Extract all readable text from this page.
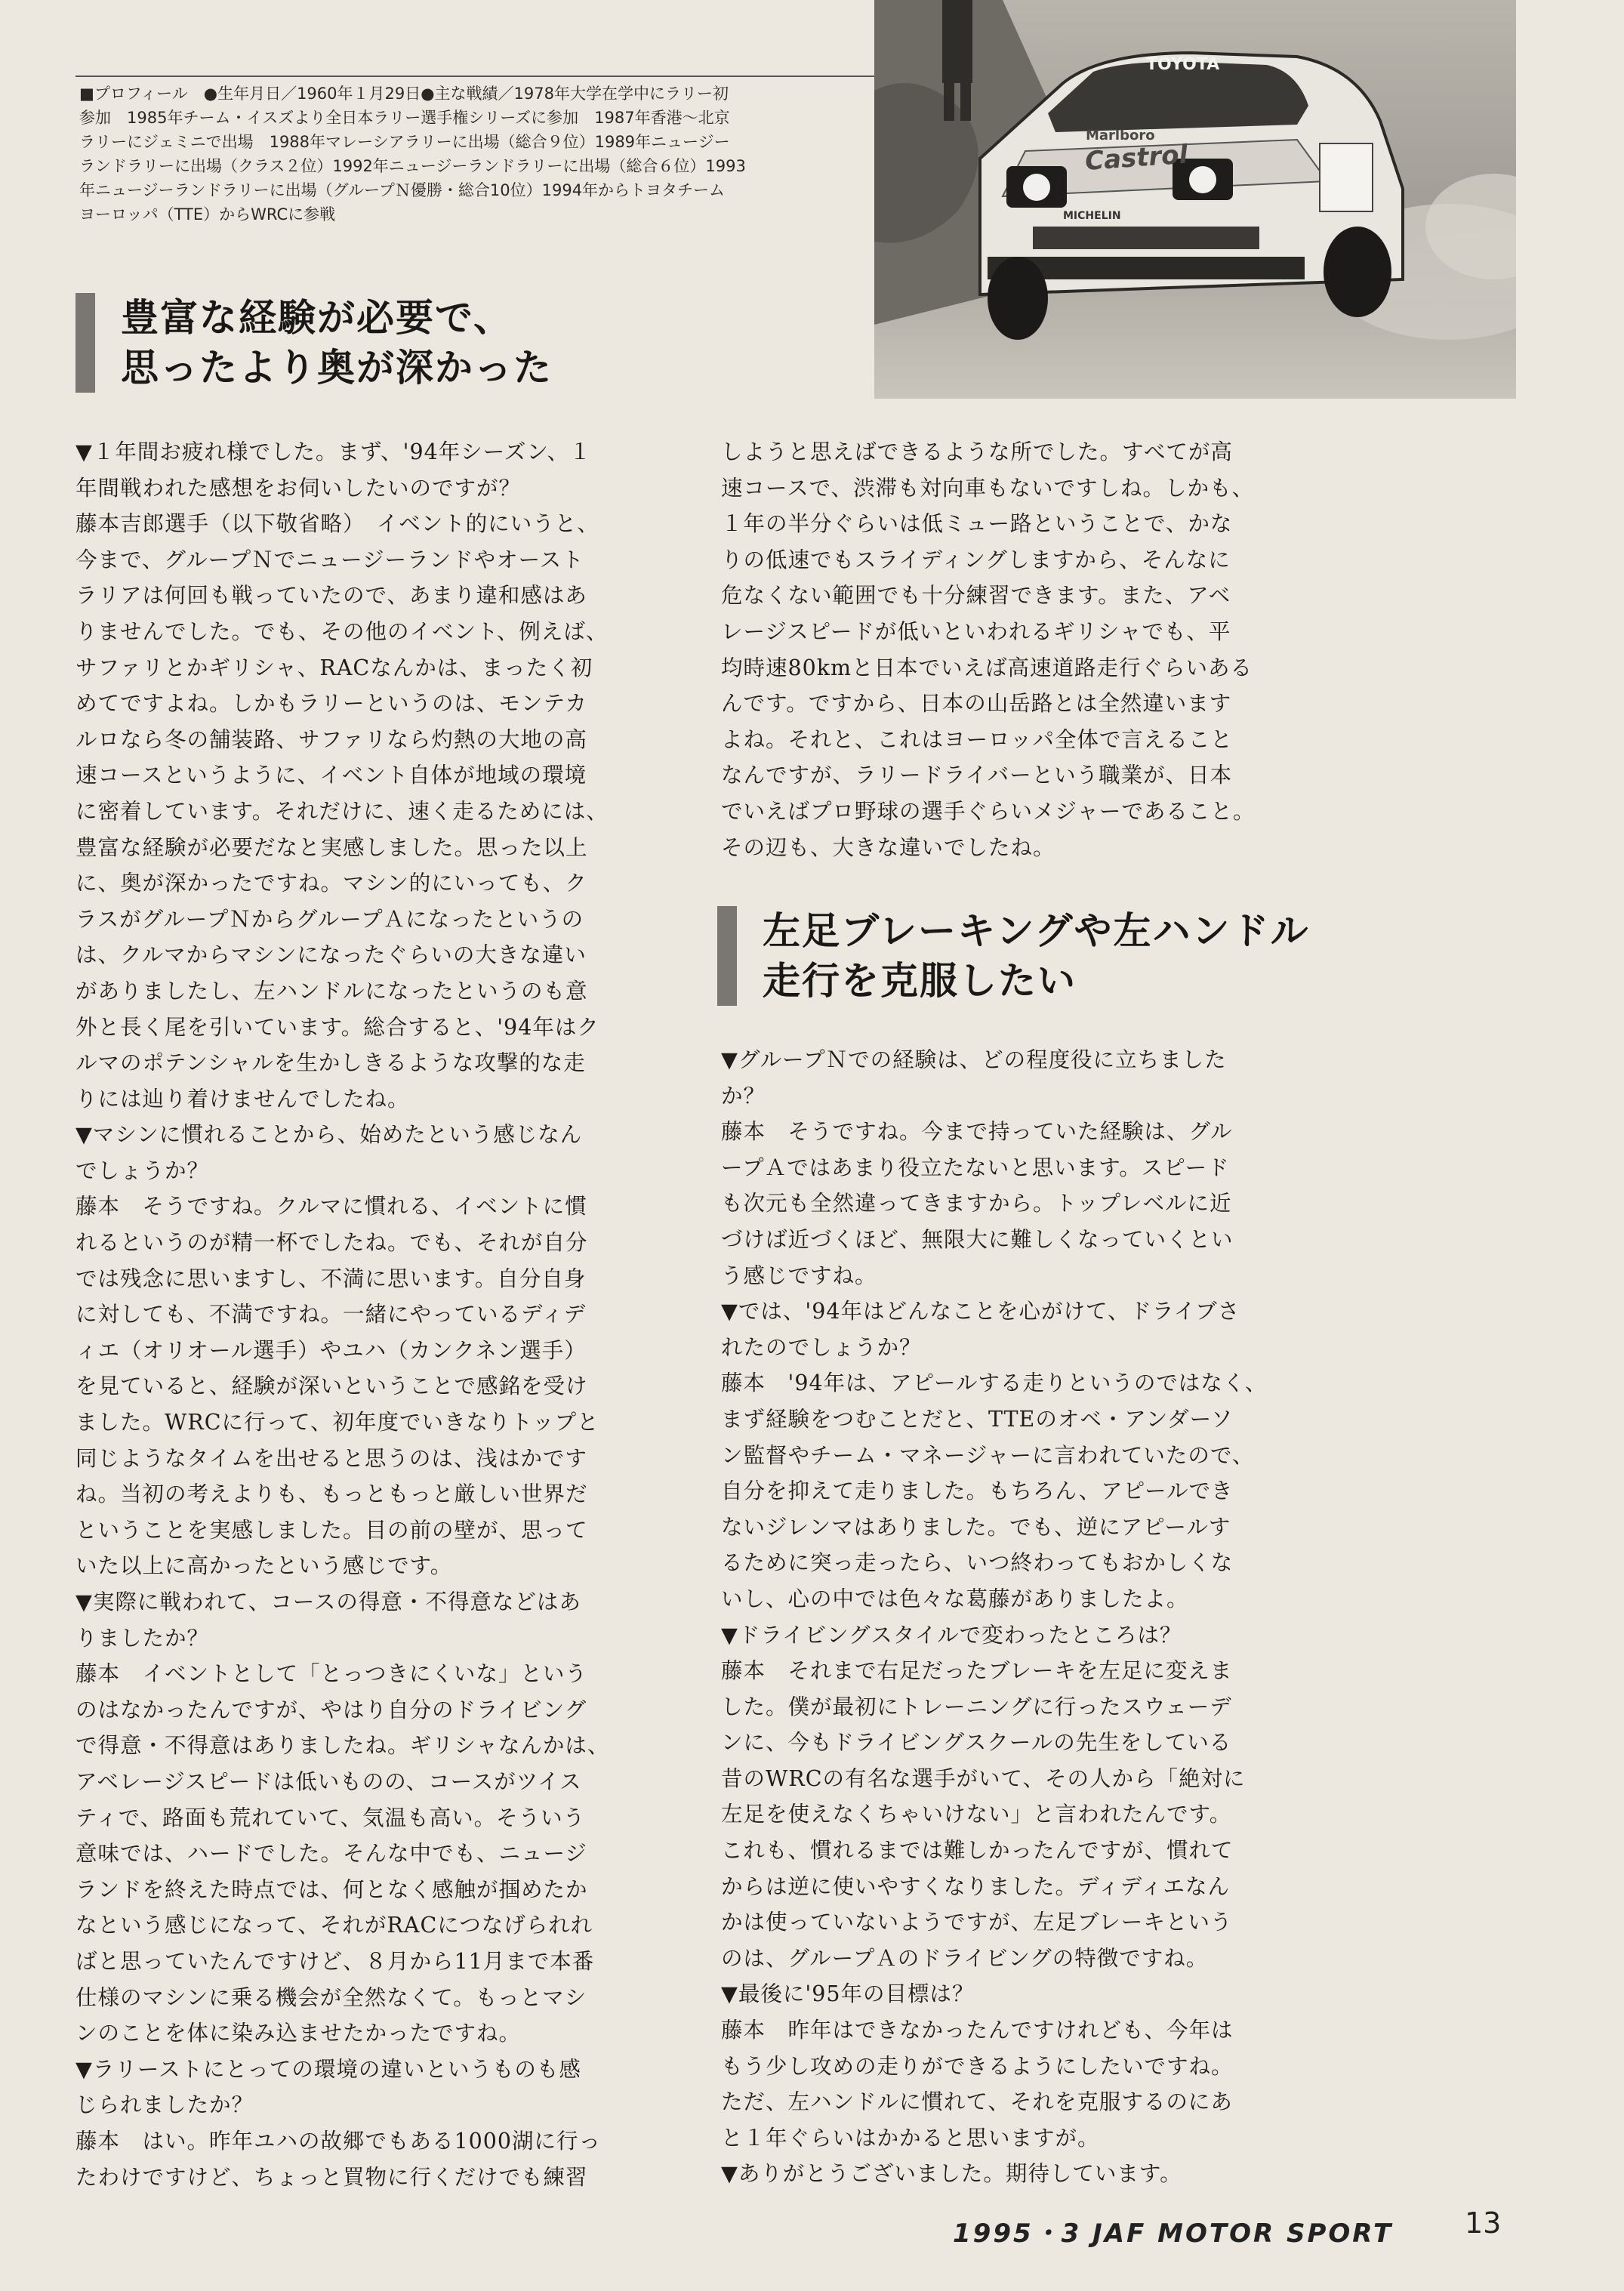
■プロフィール　●生年月日／1960年１月29日●主な戦績／1978年大学在学中にラリー初
参加　1985年チーム・イスズより全日本ラリー選手権シリーズに参加　1987年香港～北京
ラリーにジェミニで出場　1988年マレーシアラリーに出場（総合９位）1989年ニュージー
ランドラリーに出場（クラス２位）1992年ニュージーランドラリーに出場（総合６位）1993
年ニュージーランドラリーに出場（グループＮ優勝・総合10位）1994年からトヨタチーム
ヨーロッパ（TTE）からWRCに参戦
TOYOTA
Castrol
Marlboro
MICHELIN
豊富な経験が必要で、
思ったより奥が深かった

▼１年間お疲れ様でした。まず、'94年シーズン、１

年間戦われた感想をお伺いしたいのですが？

藤本吉郎選手（以下敬省略）　イベント的にいうと、

今まで、グループＮでニュージーランドやオースト

ラリアは何回も戦っていたので、あまり違和感はあ

りませんでした。でも、その他のイベント、例えば、

サファリとかギリシャ、RACなんかは、まったく初

めてですよね。しかもラリーというのは、モンテカ

ルロなら冬の舗装路、サファリなら灼熱の大地の高

速コースというように、イベント自体が地域の環境

に密着しています。それだけに、速く走るためには、

豊富な経験が必要だなと実感しました。思った以上

に、奥が深かったですね。マシン的にいっても、ク

ラスがグループＮからグループＡになったというの

は、クルマからマシンになったぐらいの大きな違い

がありましたし、左ハンドルになったというのも意

外と長く尾を引いています。総合すると、'94年はク

ルマのポテンシャルを生かしきるような攻撃的な走

りには辿り着けませんでしたね。

▼マシンに慣れることから、始めたという感じなん

でしょうか？

藤本　そうですね。クルマに慣れる、イベントに慣

れるというのが精一杯でしたね。でも、それが自分

では残念に思いますし、不満に思います。自分自身

に対しても、不満ですね。一緒にやっているディデ

ィエ（オリオール選手）やユハ（カンクネン選手）

を見ていると、経験が深いということで感銘を受け

ました。WRCに行って、初年度でいきなりトップと

同じようなタイムを出せると思うのは、浅はかです

ね。当初の考えよりも、もっともっと厳しい世界だ

ということを実感しました。目の前の壁が、思って

いた以上に高かったという感じです。

▼実際に戦われて、コースの得意・不得意などはあ

りましたか？

藤本　イベントとして「とっつきにくいな」という

のはなかったんですが、やはり自分のドライビング

で得意・不得意はありましたね。ギリシャなんかは、

アベレージスピードは低いものの、コースがツイス

ティで、路面も荒れていて、気温も高い。そういう

意味では、ハードでした。そんな中でも、ニュージ

ランドを終えた時点では、何となく感触が掴めたか

なという感じになって、それがRACにつなげられれ

ばと思っていたんですけど、８月から11月まで本番

仕様のマシンに乗る機会が全然なくて。もっとマシ

ンのことを体に染み込ませたかったですね。

▼ラリーストにとっての環境の違いというものも感

じられましたか？

藤本　はい。昨年ユハの故郷でもある1000湖に行っ

たわけですけど、ちょっと買物に行くだけでも練習

しようと思えばできるような所でした。すべてが高

速コースで、渋滞も対向車もないですしね。しかも、

１年の半分ぐらいは低ミュー路ということで、かな

りの低速でもスライディングしますから、そんなに

危なくない範囲でも十分練習できます。また、アベ

レージスピードが低いといわれるギリシャでも、平

均時速80kmと日本でいえば高速道路走行ぐらいある

んです。ですから、日本の山岳路とは全然違います

よね。それと、これはヨーロッパ全体で言えること

なんですが、ラリードライバーという職業が、日本

でいえばプロ野球の選手ぐらいメジャーであること。

その辺も、大きな違いでしたね。

左足ブレーキングや左ハンドル
走行を克服したい

▼グループＮでの経験は、どの程度役に立ちました

か？

藤本　そうですね。今まで持っていた経験は、グル

ープＡではあまり役立たないと思います。スピード

も次元も全然違ってきますから。トップレベルに近

づけば近づくほど、無限大に難しくなっていくとい

う感じですね。

▼では、'94年はどんなことを心がけて、ドライブさ

れたのでしょうか？

藤本　'94年は、アピールする走りというのではなく、

まず経験をつむことだと、TTEのオベ・アンダーソ

ン監督やチーム・マネージャーに言われていたので、

自分を抑えて走りました。もちろん、アピールでき

ないジレンマはありました。でも、逆にアピールす

るために突っ走ったら、いつ終わってもおかしくな

いし、心の中では色々な葛藤がありましたよ。

▼ドライビングスタイルで変わったところは？

藤本　それまで右足だったブレーキを左足に変えま

した。僕が最初にトレーニングに行ったスウェーデ

ンに、今もドライビングスクールの先生をしている

昔のWRCの有名な選手がいて、その人から「絶対に

左足を使えなくちゃいけない」と言われたんです。

これも、慣れるまでは難しかったんですが、慣れて

からは逆に使いやすくなりました。ディディエなん

かは使っていないようですが、左足ブレーキという

のは、グループＡのドライビングの特徴ですね。

▼最後に'95年の目標は？

藤本　昨年はできなかったんですけれども、今年は

もう少し攻めの走りができるようにしたいですね。

ただ、左ハンドルに慣れて、それを克服するのにあ

と１年ぐらいはかかると思いますが。

▼ありがとうございました。期待しています。

1995・3 JAF MOTOR SPORT 13
